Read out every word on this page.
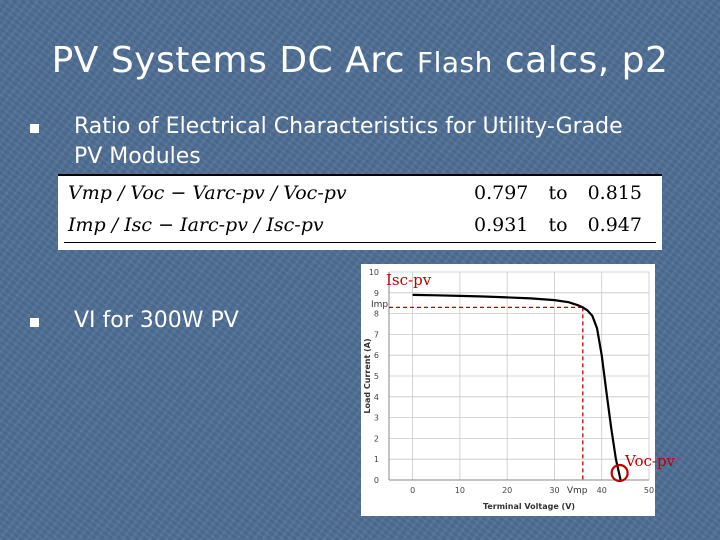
PV Systems DC Arc Flash calcs, p2
Ratio of Electrical Characteristics for Utility-Grade
PV Modules
Vmp / Voc − Varc-pv / Voc-pv	0.797 to 0.815
Imp / Isc − Iarc-pv / Isc-pv	0.931 to 0.947
VI for 300W PV
0	10	20	30	40	50
0
1
2
3
4
5
6
7
8
9
10
Terminal Voltage (V)
Load Current (A)
Imp
Vmp
Isc-pv
Voc-pv
